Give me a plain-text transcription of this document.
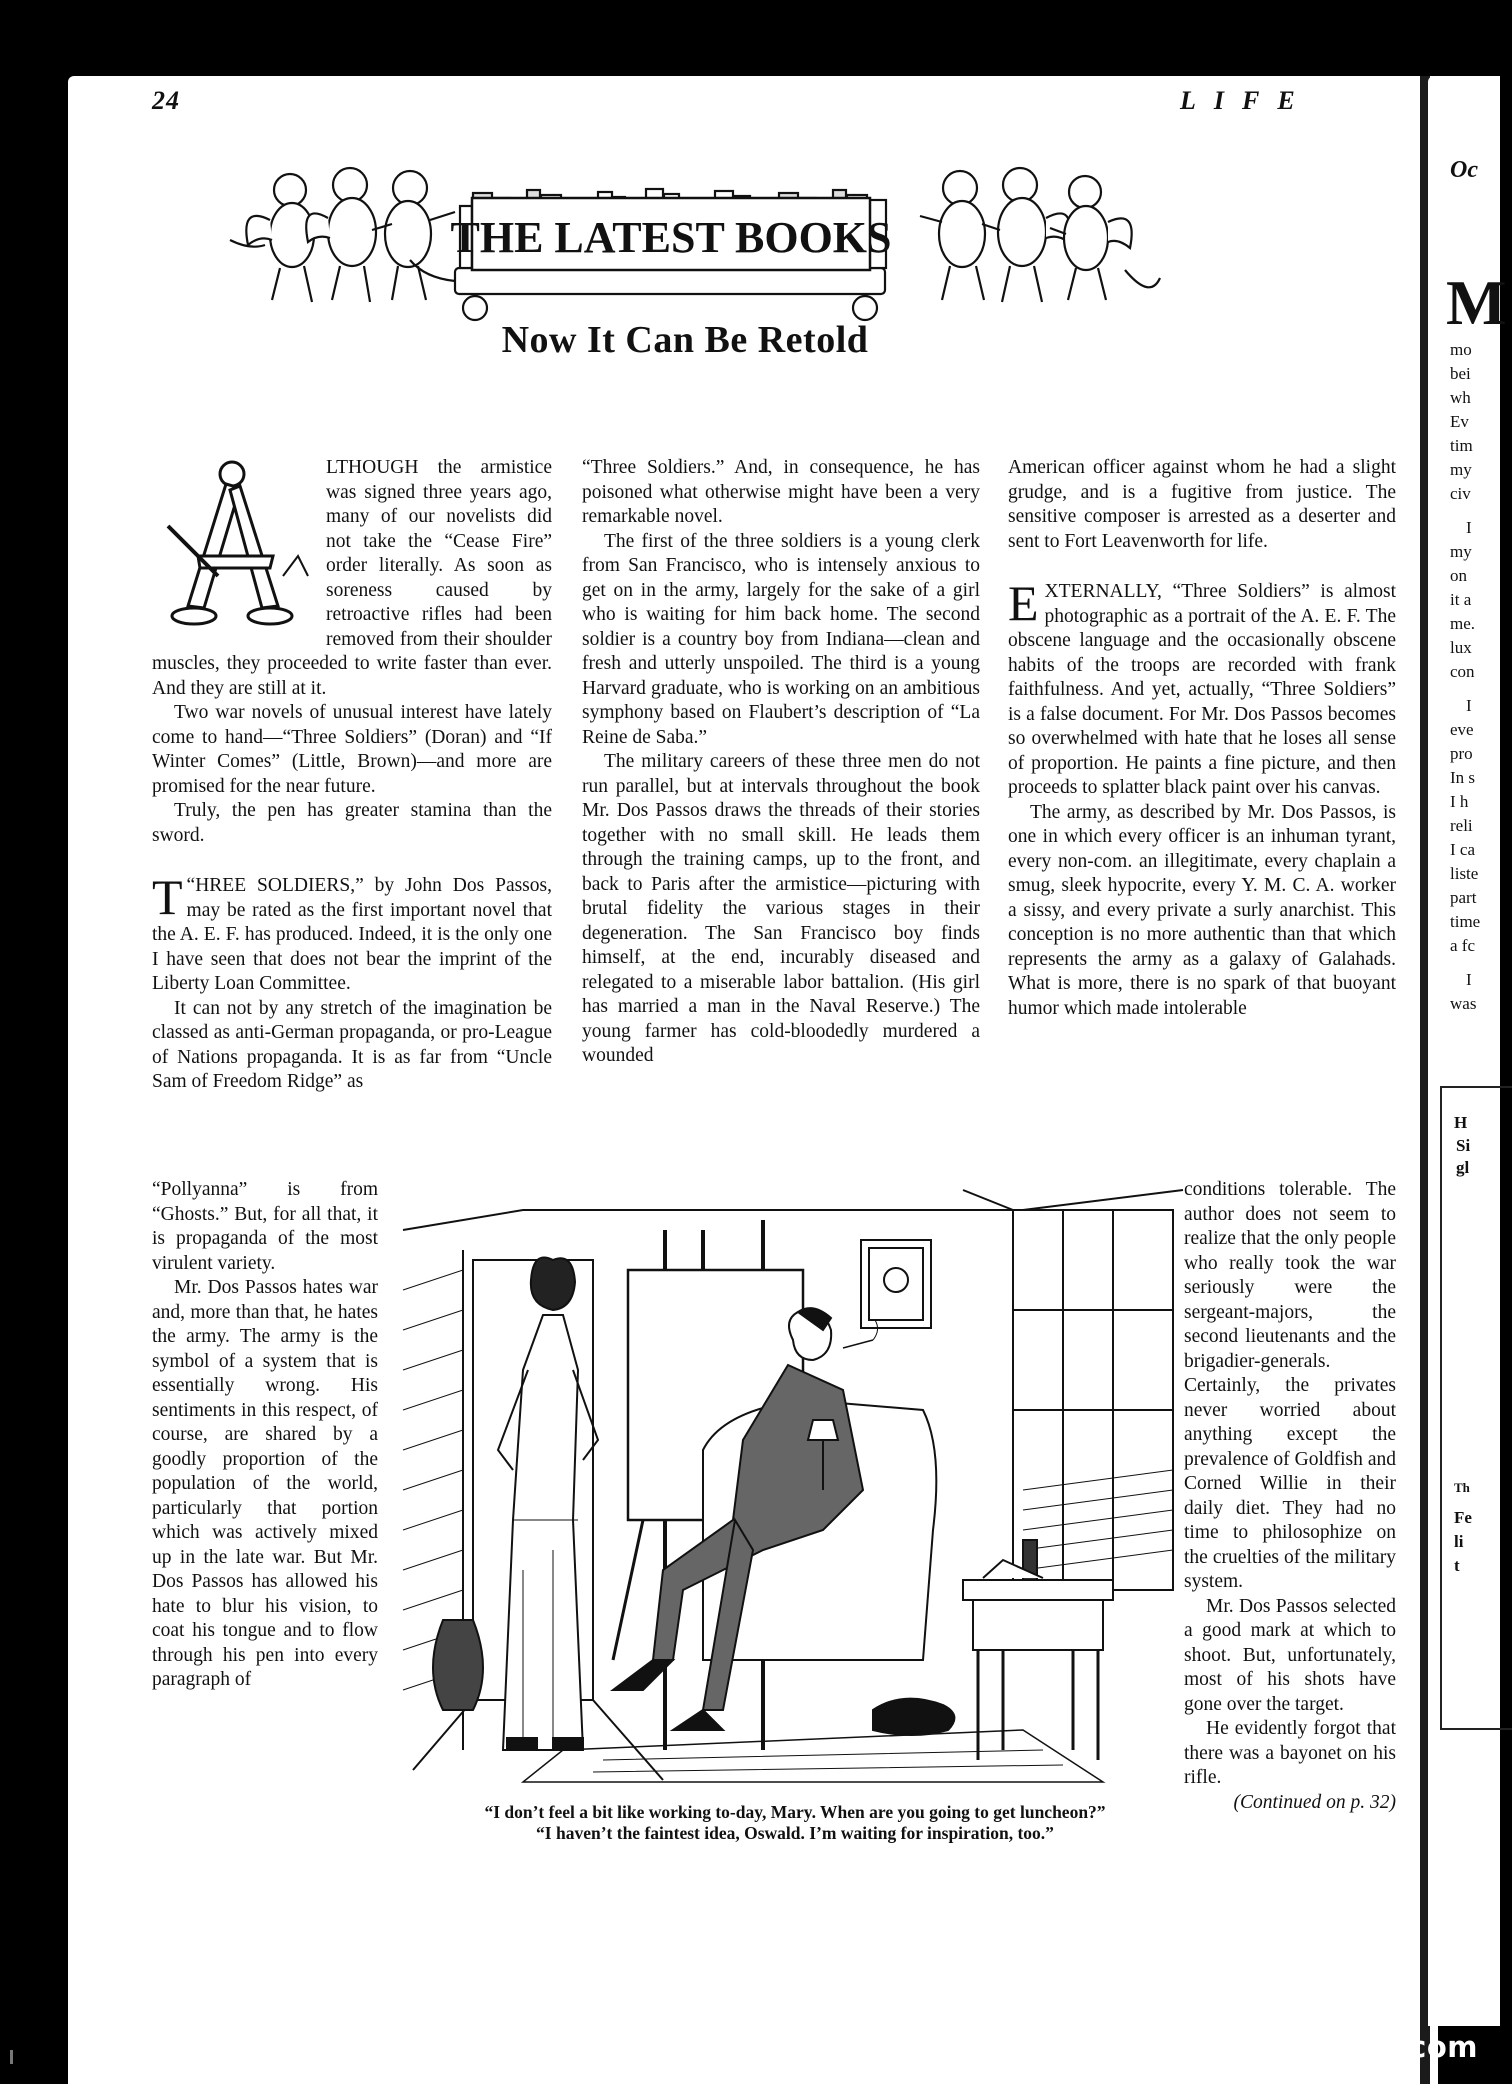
Oc
M
mo
bei
wh
Ev
tim
my
civ
I
my
on
it a
me.
lux
con
I
eve
pro
In s
I h
reli
I ca
liste
part
time
a fc
I
was
H
Si
gl
Th
Fe
li
t
24	LIFE
THE LATEST BOOKS
Now It Can Be Retold

LTHOUGH the armistice was signed three years ago, many of our novelists did not take the “Cease Fire” order literally. As soon as soreness caused by retroactive rifles had been removed from their shoulder muscles, they proceeded to write faster than ever. And they are still at it.

Two war novels of unusual interest have lately come to hand—“Three Soldiers” (Doran) and “If Winter Comes” (Little, Brown)—and more are promised for the near future.

Truly, the pen has greater stamina than the sword.

“
T HREE SOLDIERS,” by John Dos Passos, may be rated as the first important novel that the A. E. F. has produced. Indeed, it is the only one I have seen that does not bear the imprint of the Liberty Loan Committee.

It can not by any stretch of the imagination be classed as anti-German propaganda, or pro-League of Nations propaganda. It is as far from “Uncle Sam of Freedom Ridge” as

“Pollyanna” is from “Ghosts.” But, for all that, it is propaganda of the most virulent variety.

Mr. Dos Passos hates war and, more than that, he hates the army. The army is the symbol of a system that is essentially wrong. His sentiments in this respect, of course, are shared by a goodly proportion of the population of the world, particularly that portion which was actively mixed up in the late war. But Mr. Dos Passos has allowed his hate to blur his vision, to coat his tongue and to flow through his pen into every paragraph of

“Three Soldiers.” And, in consequence, he has poisoned what otherwise might have been a very remarkable novel.

The first of the three soldiers is a young clerk from San Francisco, who is intensely anxious to get on in the army, largely for the sake of a girl who is waiting for him back home. The second soldier is a country boy from Indiana—clean and fresh and utterly unspoiled. The third is a young Harvard graduate, who is working on an ambitious symphony based on Flaubert’s description of “La Reine de Saba.”

The military careers of these three men do not run parallel, but at intervals throughout the book Mr. Dos Passos draws the threads of their stories together with no small skill. He leads them through the training camps, up to the front, and back to Paris after the armistice—picturing with brutal fidelity the various stages in their degeneration. The San Francisco boy finds himself, at the end, incurably diseased and relegated to a miserable labor battalion. (His girl has married a man in the Naval Reserve.) The young farmer has cold-bloodedly murdered a wounded

American officer against whom he had a slight grudge, and is a fugitive from justice. The sensitive composer is arrested as a deserter and sent to Fort Leavenworth for life.

EXTERNALLY, “Three Soldiers” is almost photographic as a portrait of the A. E. F. The obscene language and the occasionally obscene habits of the troops are recorded with frank faithfulness. And yet, actually, “Three Soldiers” is a false document. For Mr. Dos Passos becomes so overwhelmed with hate that he loses all sense of proportion. He paints a fine picture, and then proceeds to splatter black paint over his canvas.

The army, as described by Mr. Dos Passos, is one in which every officer is an inhuman tyrant, every non-com. an illegitimate, every chaplain a smug, sleek hypocrite, every Y. M. C. A. worker a sissy, and every private a surly anarchist. This conception is no more authentic than that which represents the army as a galaxy of Galahads. What is more, there is no spark of that buoyant humor which made intolerable

conditions tolerable. The author does not seem to realize that the only people who really took the war seriously were the sergeant-majors, the second lieutenants and the brigadier-generals. Certainly, the privates never worried about anything except the prevalence of Goldfish and Corned Willie in their daily diet. They had no time to philosophize on the cruelties of the military system.

Mr. Dos Passos selected a good mark at which to shoot. But, unfortunately, most of his shots have gone over the target.

He evidently forgot that there was a bayonet on his rifle.

(Continued on p. 32)

“I don’t feel a bit like working to-day, Mary. When are you going to get luncheon?”
“I haven’t the faintest idea, Oswald. I’m waiting for inspiration, too.”
comicbooks.com
